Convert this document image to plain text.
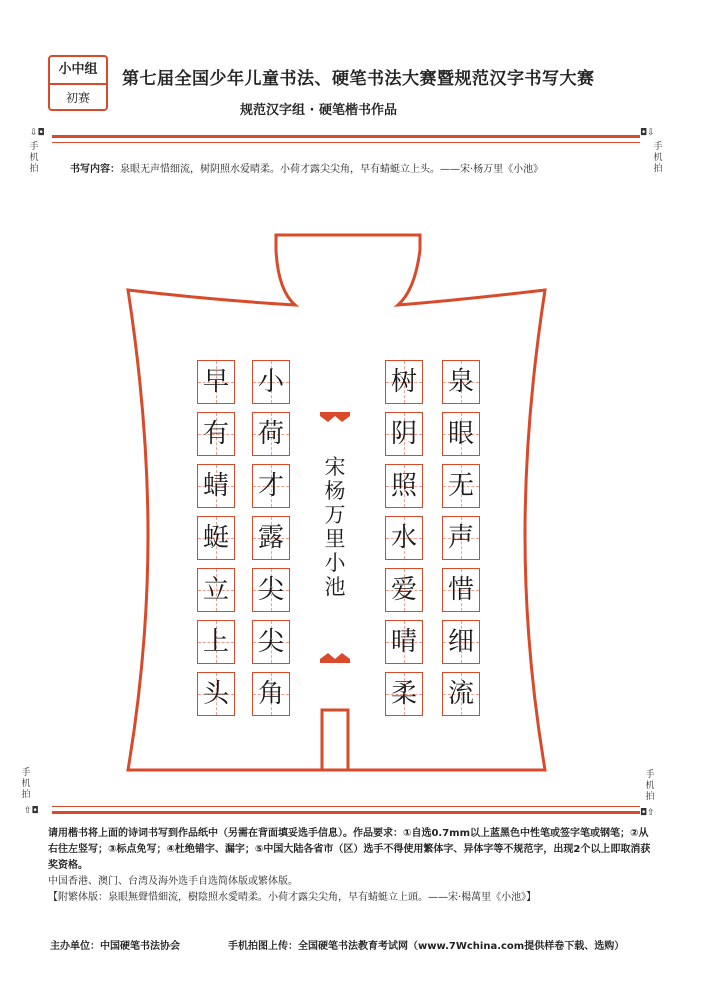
小中组
初赛
第七届全国少年儿童书法、硬笔书法大赛暨规范汉字书写大赛
规范汉字组 · 硬笔楷书作品
⇩◘
手机拍
◘⇩
手机拍
手机拍
⇧◘
手机拍
◘⇧
书写内容：泉眼无声惜细流，树阴照水爱晴柔。小荷才露尖尖角，早有蜻蜓立上头。——宋·杨万里《小池》
泉
眼
无
声
惜
细
流
树
阴
照
水
爱
晴
柔
小
荷
才
露
尖
尖
角
早
有
蜻
蜓
立
上
头
宋
杨
万
里
小
池

请用楷书将上面的诗词书写到作品纸中（另需在背面填妥选手信息）。作品要求：①自选0.7mm以上蓝黑色中性笔或签字笔或钢笔；②从右往左竖写；③标点免写；④杜绝错字、漏字；⑤中国大陆各省市（区）选手不得使用繁体字、异体字等不规范字，出现2个以上即取消获奖资格。

中国香港、澳门、台湾及海外选手自选简体版或繁体版。

【附繁体版：泉眼無聲惜細流，樹陰照水愛晴柔。小荷才露尖尖角，早有蜻蜓立上頭。——宋·楊萬里《小池》】

主办单位：中国硬笔书法协会	手机拍图上传：全国硬笔书法教育考试网（www.7Wchina.com提供样卷下载、选购）
